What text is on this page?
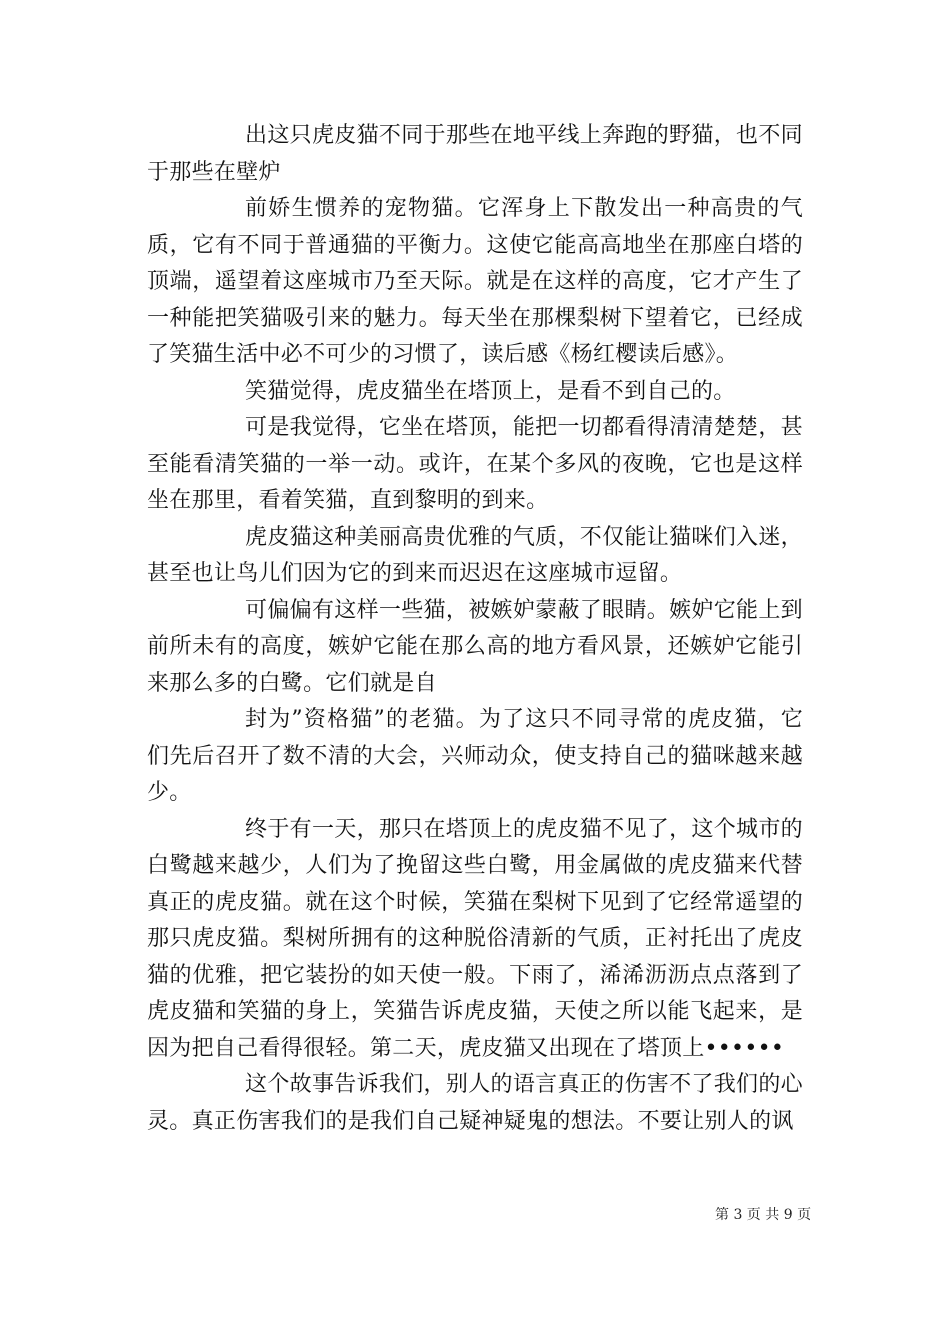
出这只虎皮猫不同于那些在地平线上奔跑的野猫，也不同于那些在壁炉

前娇生惯养的宠物猫。它浑身上下散发出一种高贵的气质，它有不同于普通猫的平衡力。这使它能高高地坐在那座白塔的顶端，遥望着这座城市乃至天际。就是在这样的高度，它才产生了一种能把笑猫吸引来的魅力。每天坐在那棵梨树下望着它，已经成了笑猫生活中必不可少的习惯了，读后感《杨红樱读后感》。

笑猫觉得，虎皮猫坐在塔顶上，是看不到自己的。

可是我觉得，它坐在塔顶，能把一切都看得清清楚楚，甚至能看清笑猫的一举一动。或许，在某个多风的夜晚，它也是这样坐在那里，看着笑猫，直到黎明的到来。

虎皮猫这种美丽高贵优雅的气质，不仅能让猫咪们入迷，甚至也让鸟儿们因为它的到来而迟迟在这座城市逗留。

可偏偏有这样一些猫，被嫉妒蒙蔽了眼睛。嫉妒它能上到前所未有的高度，嫉妒它能在那么高的地方看风景，还嫉妒它能引来那么多的白鹭。它们就是自

封为”资格猫”的老猫。为了这只不同寻常的虎皮猫，它们先后召开了数不清的大会，兴师动众，使支持自己的猫咪越来越少。

终于有一天，那只在塔顶上的虎皮猫不见了，这个城市的白鹭越来越少，人们为了挽留这些白鹭，用金属做的虎皮猫来代替真正的虎皮猫。就在这个时候，笑猫在梨树下见到了它经常遥望的那只虎皮猫。梨树所拥有的这种脱俗清新的气质，正衬托出了虎皮猫的优雅，把它装扮的如天使一般。下雨了，浠浠沥沥点点落到了虎皮猫和笑猫的身上，笑猫告诉虎皮猫，天使之所以能飞起来，是因为把自己看得很轻。第二天，虎皮猫又出现在了塔顶上••••••

这个故事告诉我们，别人的语言真正的伤害不了我们的心灵。真正伤害我们的是我们自己疑神疑鬼的想法。不要让别人的讽

第 3 页 共 9 页
